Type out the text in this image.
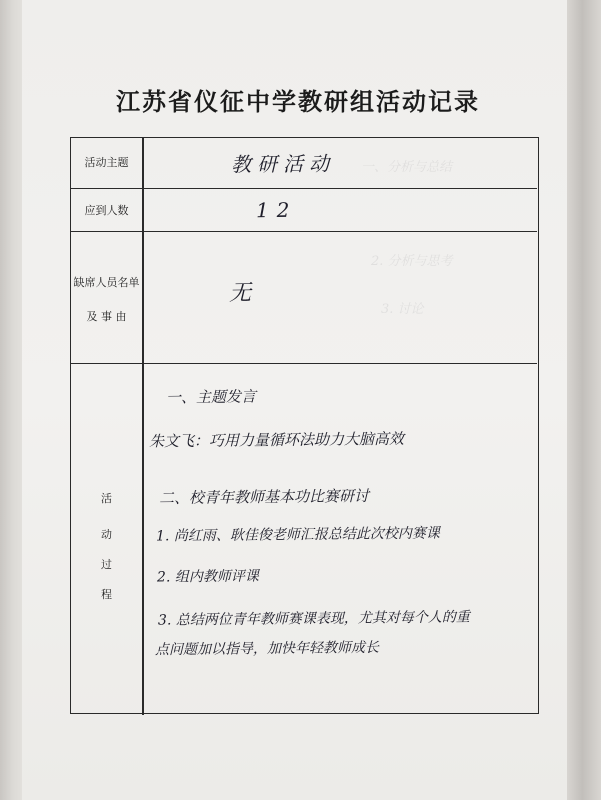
江苏省仪征中学教研组活动记录
活动主题	教研活动
应到人数	12
缺席人员名单
及 事 由
无
一、分析与总结
2. 分析与思考
3. 讨论
活
动
过
程
一、主题发言
朱文飞：巧用力量循环法助力大脑高效
二、校青年教师基本功比赛研讨
1. 尚红雨、耿佳俊老师汇报总结此次校内赛课
2. 组内教师评课
3. 总结两位青年教师赛课表现，尤其对每个人的重
点问题加以指导，加快年轻教师成长
